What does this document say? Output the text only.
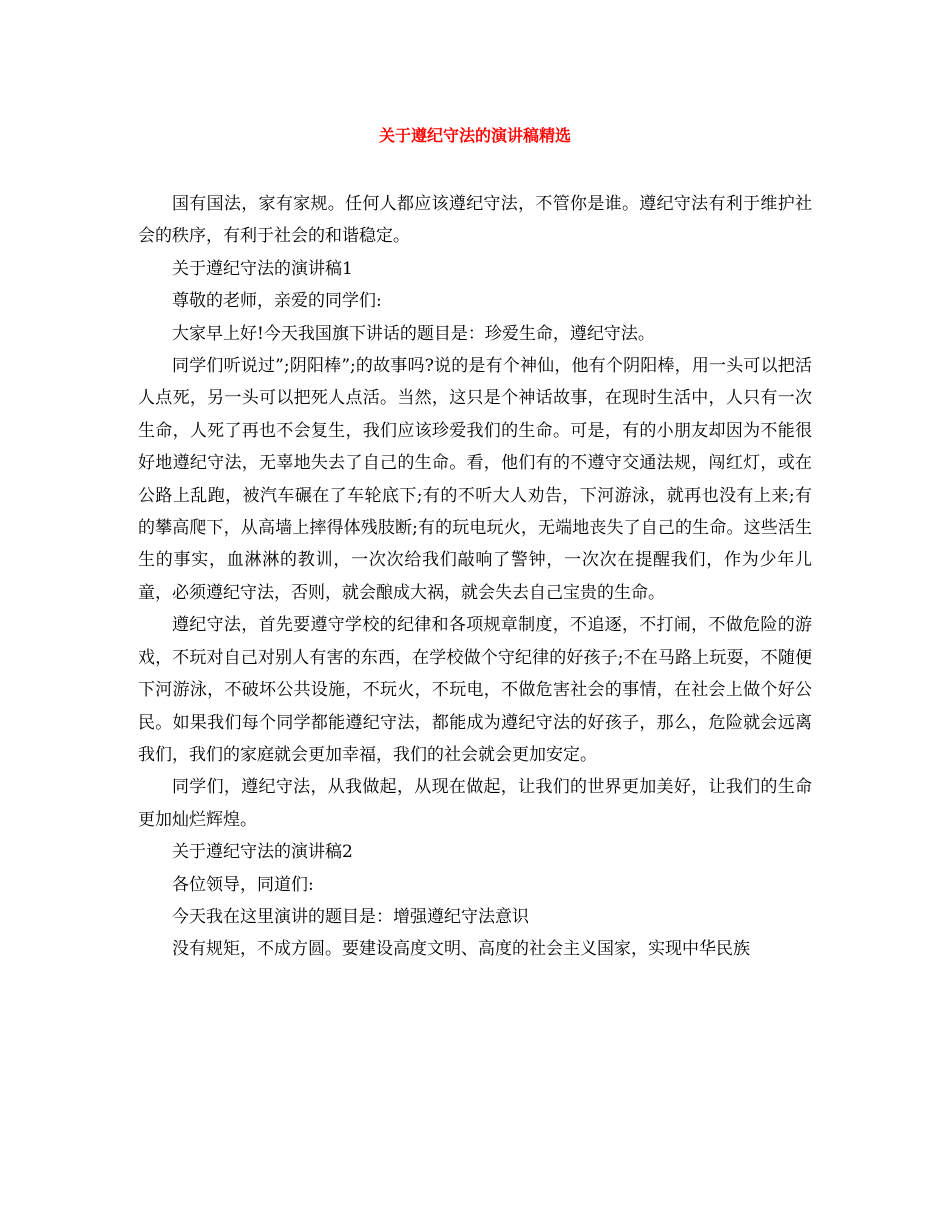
关于遵纪守法的演讲稿精选

国有国法，家有家规。任何人都应该遵纪守法，不管你是谁。遵纪守法有利于维护社会的秩序，有利于社会的和谐稳定。

关于遵纪守法的演讲稿1

尊敬的老师，亲爱的同学们:

大家早上好!今天我国旗下讲话的题目是：珍爱生命，遵纪守法。

同学们听说过”;阴阳棒”;的故事吗?说的是有个神仙，他有个阴阳棒，用一头可以把活人点死，另一头可以把死人点活。当然，这只是个神话故事，在现时生活中，人只有一次生命，人死了再也不会复生，我们应该珍爱我们的生命。可是，有的小朋友却因为不能很好地遵纪守法，无辜地失去了自己的生命。看，他们有的不遵守交通法规，闯红灯，或在公路上乱跑，被汽车碾在了车轮底下;有的不听大人劝告，下河游泳，就再也没有上来;有的攀高爬下，从高墙上摔得体残肢断;有的玩电玩火，无端地丧失了自己的生命。这些活生生的事实，血淋淋的教训，一次次给我们敲响了警钟，一次次在提醒我们，作为少年儿童，必须遵纪守法，否则，就会酿成大祸，就会失去自己宝贵的生命。

遵纪守法，首先要遵守学校的纪律和各项规章制度，不追逐，不打闹，不做危险的游戏，不玩对自己对别人有害的东西，在学校做个守纪律的好孩子;不在马路上玩耍，不随便下河游泳，不破坏公共设施，不玩火，不玩电，不做危害社会的事情，在社会上做个好公民。如果我们每个同学都能遵纪守法，都能成为遵纪守法的好孩子，那么，危险就会远离我们，我们的家庭就会更加幸福，我们的社会就会更加安定。

同学们，遵纪守法，从我做起，从现在做起，让我们的世界更加美好，让我们的生命更加灿烂辉煌。

关于遵纪守法的演讲稿2

各位领导，同道们:

今天我在这里演讲的题目是：增强遵纪守法意识

没有规矩，不成方圆。要建设高度文明、高度的社会主义国家，实现中华民族
